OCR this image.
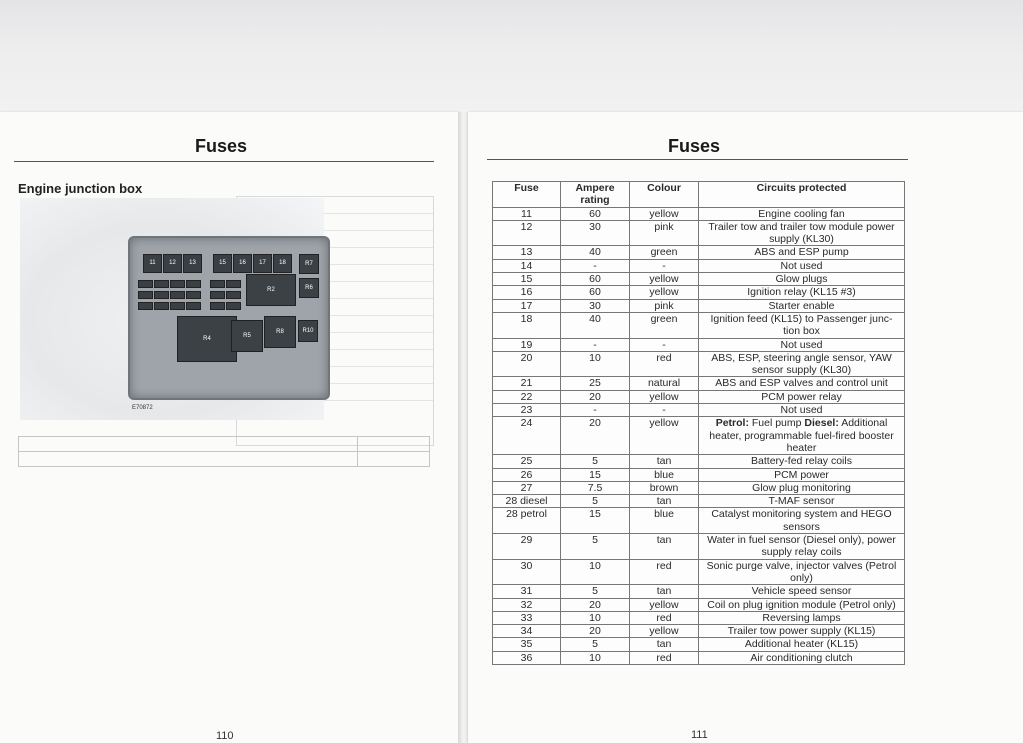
Fuses
Engine junction box
11	12	13	15	16	17	18	R7
R2	R6
R4	R5
R8	R10
E70872

110
Fuses
Fuse	Ampere rating	Colour	Circuits protected
11	60	yellow	Engine cooling fan
12	30	pink	Trailer tow and trailer tow module power supply (KL30)
13	40	green	ABS and ESP pump
14	-	-	Not used
15	60	yellow	Glow plugs
16	60	yellow	Ignition relay (KL15 #3)
17	30	pink	Starter enable
18	40	green	Ignition feed (KL15) to Passenger junc- tion box
19	-	-	Not used
20	10	red	ABS, ESP, steering angle sensor, YAW sensor supply (KL30)
21	25	natural	ABS and ESP valves and control unit
22	20	yellow	PCM power relay
23	-	-	Not used
24	20	yellow	Petrol: Fuel pump Diesel: Additional heater, programmable fuel-fired booster heater
25	5	tan	Battery-fed relay coils
26	15	blue	PCM power
27	7.5	brown	Glow plug monitoring
28 diesel	5	tan	T-MAF sensor
28 petrol	15	blue	Catalyst monitoring system and HEGO sensors
29	5	tan	Water in fuel sensor (Diesel only), power supply relay coils
30	10	red	Sonic purge valve, injector valves (Petrol only)
31	5	tan	Vehicle speed sensor
32	20	yellow	Coil on plug ignition module (Petrol only)
33	10	red	Reversing lamps
34	20	yellow	Trailer tow power supply (KL15)
35	5	tan	Additional heater (KL15)
36	10	red	Air conditioning clutch
111
